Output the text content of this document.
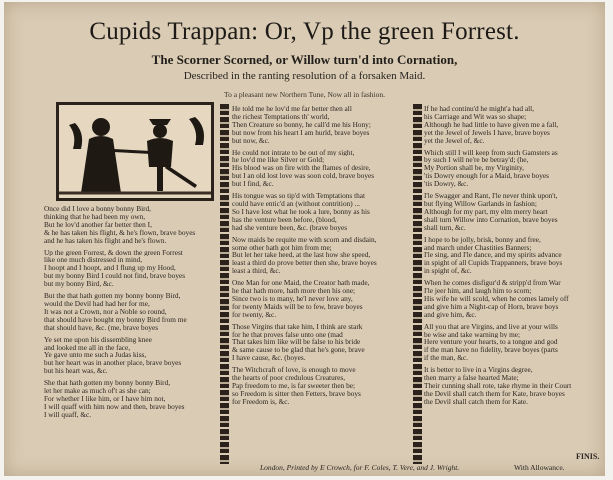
Cupids Trappan: Or, Vp the green Forrest.
The Scorner Scorned, or Willow turn'd into Cornation,
Described in the ranting resolution of a forsaken Maid.
To a pleasant new Northern Tune, Now all in fashion.
Once did I love a bonny bonny Bird,
thinking that he had been my own,
But he lov'd another far better then I,
& he has taken his flight, & he's flown, brave boyes
and he has taken his flight and he's flown.
Up the green Forrest, & down the green Forrest
like one much distressed in mind,
I hoopt and I hoopt, and I flung up my Hood,
but my bonny Bird I could not find, brave boyes
but my bonny Bird, &c.
But the that hath gotten my bonny bonny Bird,
would the Devil had had her for me,
It was not a Crown, nor a Noble so round,
that should have bought my bonny Bird from me
that should have, &c. (me, brave boyes
Ye set me upon his dissembling knee
and looked me all in the face,
Ye gave unto me such a Judas kiss,
but her heart was in another place, brave boyes
but his heart was, &c.
She that hath gotten my bonny bonny Bird,
let her make as much of't as she can;
For whether I like him, or I have him not,
I will quaff with him now and then, brave boyes
I will quaff, &c.
He told me he lov'd me far better then all
the richest Temptations th' world,
Then Creature so bonny, he call'd me his Hony;
but now from his heart I am hurld, brave boyes
but now, &c.
He could not intrate to be out of my sight,
he lov'd me like Silver or Gold;
His blood was on fire with the flames of desire,
but I an old lost love was soon cold, brave boyes
but I find, &c.
His tongue was so tip'd with Temptations that
could have entic'd an (without contrition) ...
So I have lost what he took a lure, bonny as his
has the venture been before, (blood,
had she venture been, &c. (brave boyes
Now maids be requite me with scorn and disdain,
some other hath got him from me;
But let her take heed, at the last how she speed,
least a third do prove better then she, brave boyes
least a third, &c.
One Man for one Maid, the Creator hath made,
he that hath more, hath more then his one;
Since two is to many, he'l never love any,
for twenty Maids will be to few, brave boyes
for twenty, &c.
Those Virgins that take him, I think are stark
for he that proves false unto one (mad
That takes him like will be false to his bride
& same cause to be glad that he's gone, brave
I have cause, &c. (boyes.
The Witchcraft of love, is enough to move
the hearts of poor credulous Creatures,
Pap freedom to me, is far sweeter then be;
so Freedom is sitter then Fetters, brave boys
for Freedom is, &c.
If he had continu'd he might'a had all,
his Carriage and Wit was so shape;
Although he had little to have given me a fall,
yet the Jewel of Jewels I have, brave boyes
yet the Jewel of, &c.
Which still I will keep from such Gamsters as
by such I will ne're be betray'd; (he,
My Portion shall be, my Virginity,
'tis Dowry enough for a Maid, brave boyes
'tis Dowry, &c.
I'le Swagger and Rant, I'le never think upon't,
but flying Willow Garlands in fashion;
Although for my part, my elm merry heart
shall turn Willow into Cornation, brave boyes
shall turn, &c.
I hope to be jolly, brisk, bonny and free,
and march under Chastities Banners;
I'le sing, and I'le dance, and my spirits advance
in spight of all Cupids Trappanners, brave boys
in spight of, &c.
When he comes disfigur'd & stripp'd from War
I'le jeer him, and laugh him to scorn;
His wife he will scold, when he comes lamely off
and give him a Night-cap of Horn, brave boys
and give him, &c.
All you that are Virgins, and live at your wills
be wise and take warning by me;
Here venture your hearts, to a tongue and god
if the man have no fidelity, brave boyes (parts
if the man, &c.
It is better to live in a Virgins degree,
then marry a false hearted Mate;
Their cunning shall rote, take rhyme in their Court
the Devil shall catch them for Kate, brave boyes
the Devil shall catch them for Kate.
FINIS.
London, Printed by E Crowch, for F. Coles, T. Vere, and J. Wright.	With Allowance.
